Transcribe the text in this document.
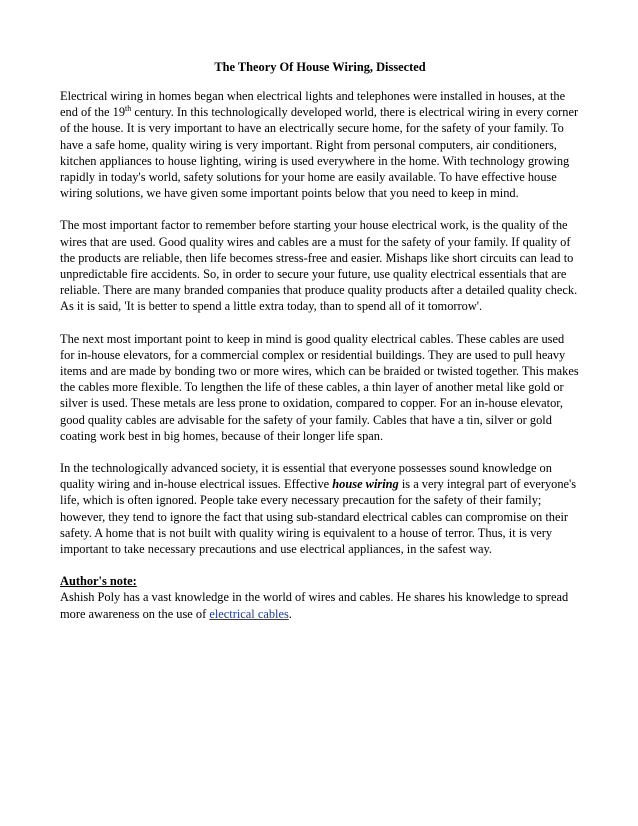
The Theory Of House Wiring, Dissected
Electrical wiring in homes began when electrical lights and telephones were installed in houses, at the end of the 19th century. In this technologically developed world, there is electrical wiring in every corner of the house. It is very important to have an electrically secure home, for the safety of your family. To have a safe home, quality wiring is very important. Right from personal computers, air conditioners, kitchen appliances to house lighting, wiring is used everywhere in the home. With technology growing rapidly in today's world, safety solutions for your home are easily available. To have effective house wiring solutions, we have given some important points below that you need to keep in mind.
The most important factor to remember before starting your house electrical work, is the quality of the wires that are used. Good quality wires and cables are a must for the safety of your family. If quality of the products are reliable, then life becomes stress-free and easier. Mishaps like short circuits can lead to unpredictable fire accidents. So, in order to secure your future, use quality electrical essentials that are reliable. There are many branded companies that produce quality products after a detailed quality check. As it is said, 'It is better to spend a little extra today, than to spend all of it tomorrow'.
The next most important point to keep in mind is good quality electrical cables. These cables are used for in-house elevators, for a commercial complex or residential buildings. They are used to pull heavy items and are made by bonding two or more wires, which can be braided or twisted together. This makes the cables more flexible. To lengthen the life of these cables, a thin layer of another metal like gold or silver is used. These metals are less prone to oxidation, compared to copper. For an in-house elevator, good quality cables are advisable for the safety of your family. Cables that have a tin, silver or gold coating work best in big homes, because of their longer life span.
In the technologically advanced society, it is essential that everyone possesses sound knowledge on quality wiring and in-house electrical issues. Effective house wiring is a very integral part of everyone's life, which is often ignored. People take every necessary precaution for the safety of their family; however, they tend to ignore the fact that using sub-standard electrical cables can compromise on their safety. A home that is not built with quality wiring is equivalent to a house of terror. Thus, it is very important to take necessary precautions and use electrical appliances, in the safest way.
Author's note:
Ashish Poly has a vast knowledge in the world of wires and cables. He shares his knowledge to spread more awareness on the use of electrical cables.
